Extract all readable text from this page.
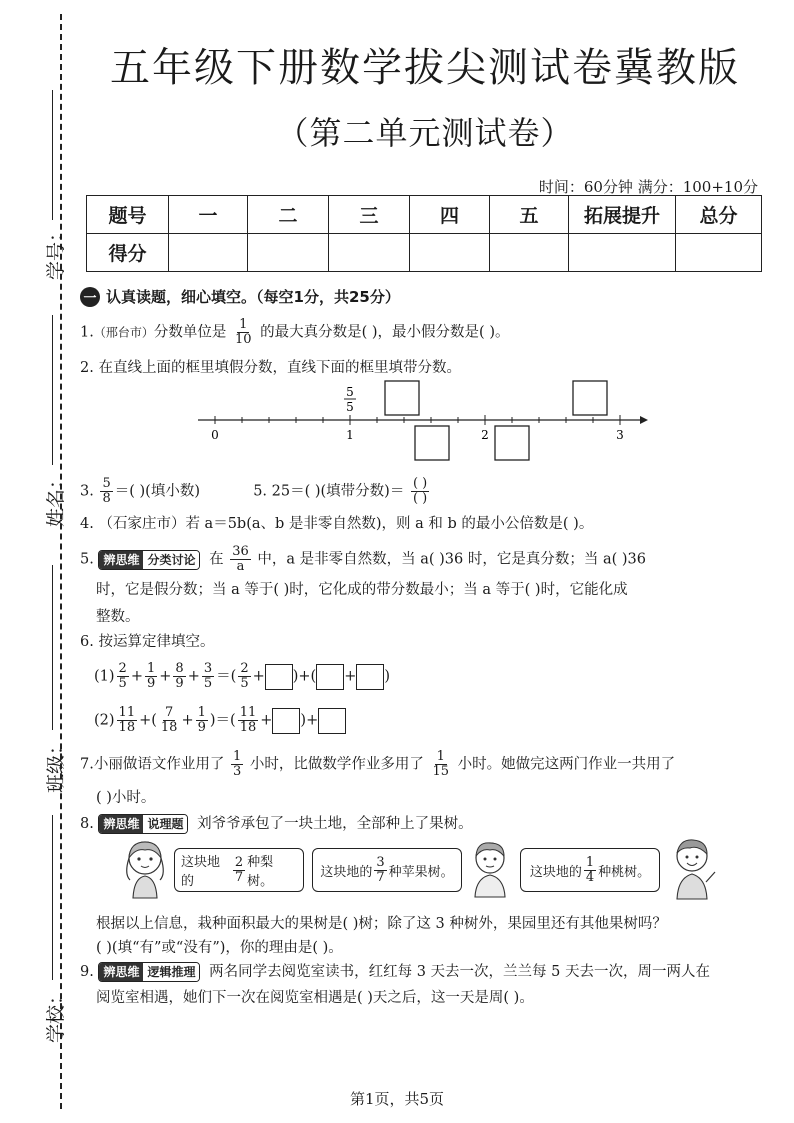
学号：
姓名：
班级：
学校：
五年级下册数学拔尖测试卷冀教版
（第二单元测试卷）
时间：60分钟 满分：100+10分
题号	一	二	三	四	五	拓展提升	总分
得分							
一 认真读题，细心填空。（每空1分，共25分）
1.（邢台市）分数单位是 $\frac{1}{10}$ 的最大真分数是( )，最小假分数是( )。
2. 在直线上面的框里填假分数，直线下面的框里填带分数。
0	1	2	3
5
5
3. $\frac{5}{8}$ ＝( )(填小数)	5. 25＝( )(填带分数)＝ $\frac{( )}{( )}$
4. （石家庄市）若 a＝5b(a、b 是非零自然数)，则 a 和 b 的最小公倍数是( )。
5. 辨思维 分类讨论 在 $\frac{36}{a}$ 中，a 是非零自然数，当 a( )36 时，它是真分数；当 a( )36
时，它是假分数；当 a 等于( )时，它化成的带分数最小；当 a 等于( )时，它能化成
整数。
6. 按运算定律填空。
$(1) \frac{2}{5} + \frac{1}{9} + \frac{8}{9} + \frac{3}{5}$ ＝( $\frac{2}{5}$ + )+( + )
$(2) \frac{11}{18}$ +( $\frac{7}{18} + \frac{1}{9}$ )＝( $\frac{11}{18}$ + )+
7.小丽做语文作业用了 $\frac{1}{3}$ 小时，比做数学作业多用了 $\frac{1}{15}$ 小时。她做完这两门作业一共用了
( )小时。
8. 辨思维 说理题 刘爷爷承包了一块土地，全部种上了果树。
这块地的	$\frac{2}{7}$ 种梨树。
这块地的 $\frac{3}{7}$ 种苹果树。	这块地的 $\frac{1}{4}$ 种桃树。
根据以上信息，栽种面积最大的果树是( )树；除了这 3 种树外，果园里还有其他果树吗？
( )(填“有”或“没有”)，你的理由是( )。
9. 辨思维 逻辑推理 两名同学去阅览室读书，红红每 3 天去一次，兰兰每 5 天去一次，周一两人在
阅览室相遇，她们下一次在阅览室相遇是( )天之后，这一天是周( )。
第1页，共5页
